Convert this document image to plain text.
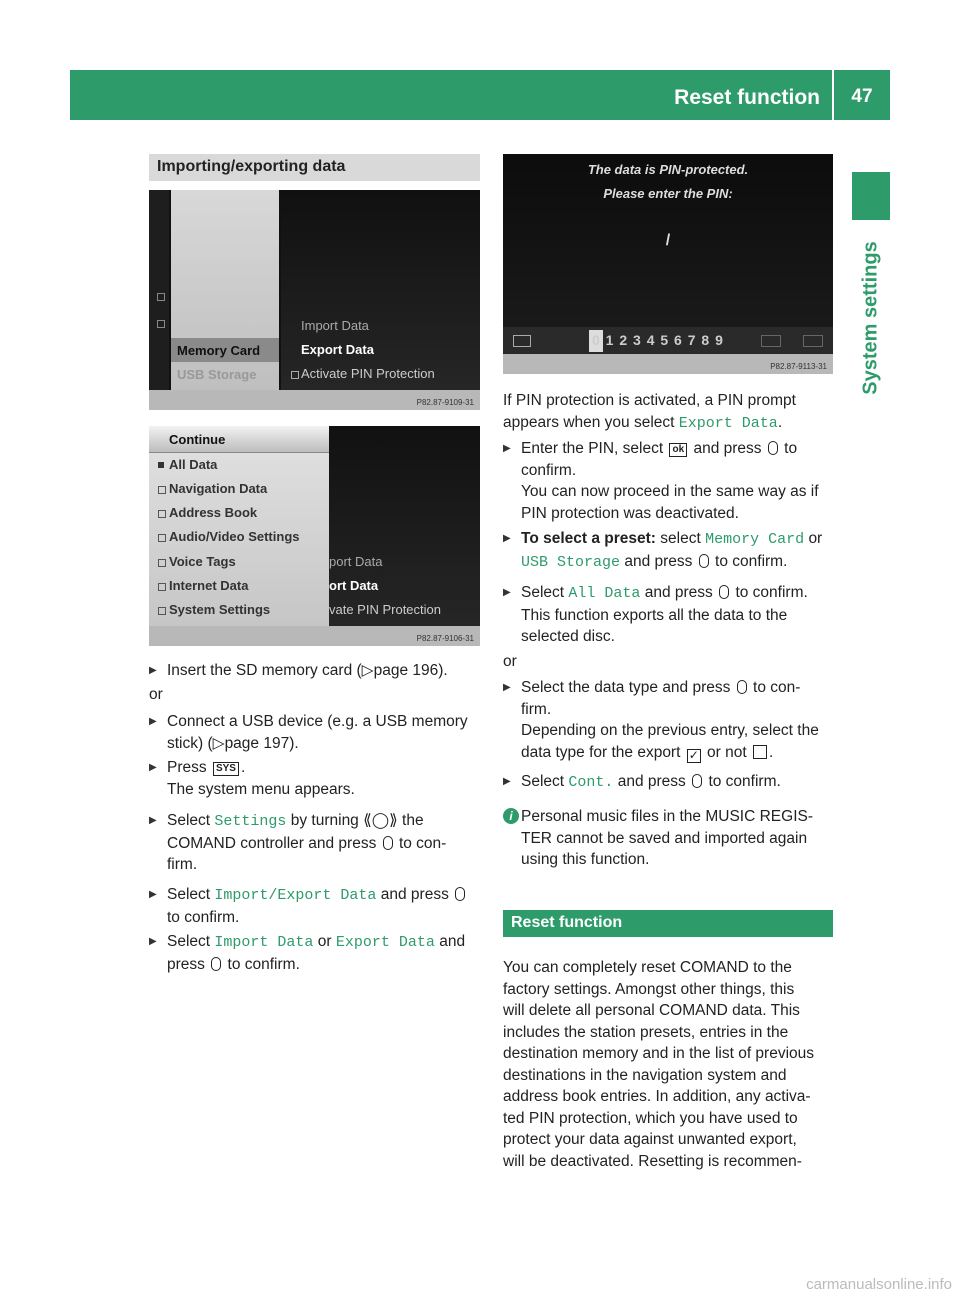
Reset function	47
System settings
Importing/exporting data
Memory Card
USB Storage
Import Data
Export Data
Activate PIN Protection
P82.87-9109-31
Continue
All Data
Navigation Data
Address Book
Audio/Video Settings
Voice Tags
Internet Data
System Settings
port Data
ort Data
vate PIN Protection
P82.87-9106-31
▶ Insert the SD memory card (▷page 196).
or
▶ Connect a USB device (e.g. a USB memory
stick) (▷page 197).
▶ Press SYS .
The system menu appears.
▶ Select Settings by turning ⟪◯⟫ the
COMAND controller and press to con-
firm.
▶ Select Import/Export Data and press
to confirm.
▶ Select Import Data or Export Data and
press to confirm.
The data is PIN-protected.
Please enter the PIN:
/
0 1 2 3 4 5 6 7 8 9
P82.87-9113-31
If PIN protection is activated, a PIN prompt
appears when you select Export Data.
▶ Enter the PIN, select ok and press to
confirm.
You can now proceed in the same way as if
PIN protection was deactivated.
▶ To select a preset: select Memory Card or
USB Storage and press to confirm.
▶ Select All Data and press to confirm.
This function exports all the data to the
selected disc.
or
▶ Select the data type and press to con-
firm.
Depending on the previous entry, select the
data type for the export ✓ or not .
▶ Select Cont. and press to confirm.
i Personal music files in the MUSIC REGIS-
TER cannot be saved and imported again
using this function.
Reset function
You can completely reset COMAND to the
factory settings. Amongst other things, this
will delete all personal COMAND data. This
includes the station presets, entries in the
destination memory and in the list of previous
destinations in the navigation system and
address book entries. In addition, any activa-
ted PIN protection, which you have used to
protect your data against unwanted export,
will be deactivated. Resetting is recommen-
carmanualsonline.info
